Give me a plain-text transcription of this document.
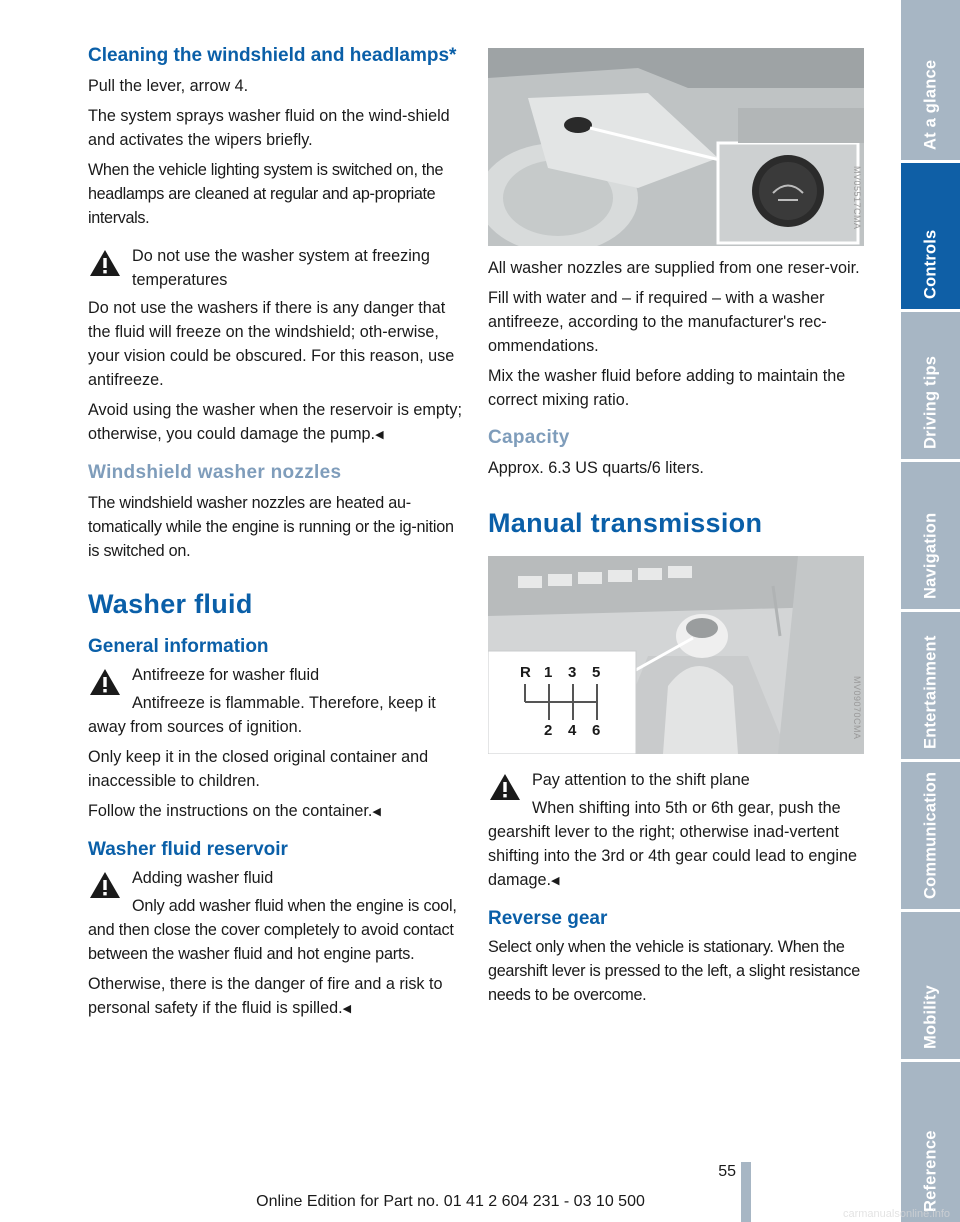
Cleaning the windshield and headlamps*

Pull the lever, arrow 4.

The system sprays washer fluid on the wind-shield and activates the wipers briefly.

When the vehicle lighting system is switched on, the headlamps are cleaned at regular and ap-propriate intervals.

Do not use the washer system at freezing temperatures

Do not use the washers if there is any danger that the fluid will freeze on the windshield; oth-erwise, your vision could be obscured. For this reason, use antifreeze.

Avoid using the washer when the reservoir is empty; otherwise, you could damage the pump.◀

Windshield washer nozzles

The windshield washer nozzles are heated au-tomatically while the engine is running or the ig-nition is switched on.

Washer fluid
General information

Antifreeze for washer fluid

Antifreeze is flammable. Therefore, keep it away from sources of ignition.

Only keep it in the closed original container and inaccessible to children.

Follow the instructions on the container.◀

Washer fluid reservoir

Adding washer fluid

Only add washer fluid when the engine is cool, and then close the cover completely to avoid contact between the washer fluid and hot engine parts.

Otherwise, there is the danger of fire and a risk to personal safety if the fluid is spilled.◀

MV05517CMA

All washer nozzles are supplied from one reser-voir.

Fill with water and – if required – with a washer antifreeze, according to the manufacturer's rec-ommendations.

Mix the washer fluid before adding to maintain the correct mixing ratio.

Capacity

Approx. 6.3 US quarts/6 liters.

Manual transmission
R 1 3 5
2 4 6	MV09070CMA

Pay attention to the shift plane

When shifting into 5th or 6th gear, push the gearshift lever to the right; otherwise inad-vertent shifting into the 3rd or 4th gear could lead to engine damage.◀

Reverse gear

Select only when the vehicle is stationary. When the gearshift lever is pressed to the left, a slight resistance needs to be overcome.

At a glance
Controls
Driving tips
Navigation
Entertainment
Communication
Mobility
Reference
55
Online Edition for Part no. 01 41 2 604 231 - 03 10 500
carmanualsonline.info
